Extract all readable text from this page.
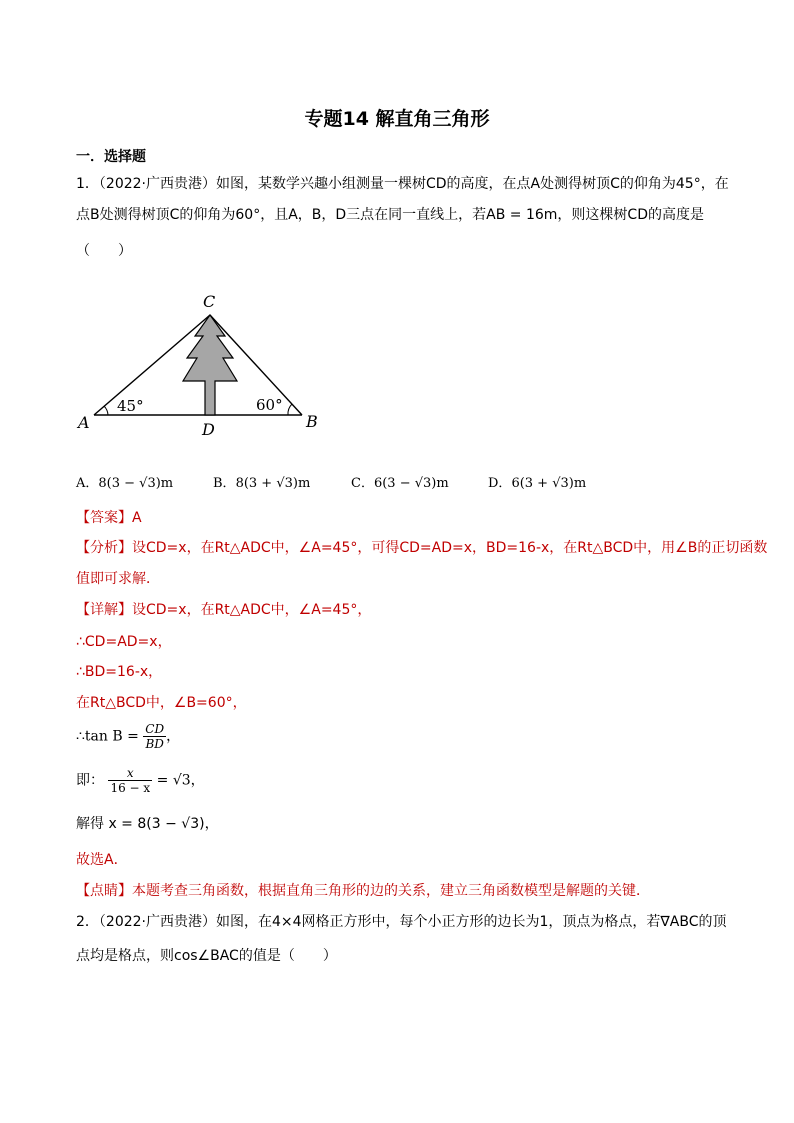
专题14 解直角三角形
一．选择题
1．（2022·广西贵港）如图，某数学兴趣小组测量一棵树CD的高度，在点A处测得树顶C的仰角为45°，在
点B处测得树顶C的仰角为60°，且A，B，D三点在同一直线上，若AB = 16m，则这棵树CD的高度是
（　　）
C
A	B
D
45°	60°
A．8(3 − √3)m	B．8(3 + √3)m	C．6(3 − √3)m	D．6(3 + √3)m
【答案】A
【分析】设CD=x，在Rt△ADC中，∠A=45°，可得CD=AD=x，BD=16-x，在Rt△BCD中，用∠B的正切函数
值即可求解．
【详解】设CD=x，在Rt△ADC中，∠A=45°，
∴CD=AD=x，
∴BD=16-x，
在Rt△BCD中，∠B=60°，
∴tan $B = \frac{CD}{BD}$ ，
即： $\frac{x}{16 - x} = √3$，
解得 x = 8(3 − √3)，
故选A．
【点睛】本题考查三角函数，根据直角三角形的边的关系，建立三角函数模型是解题的关键．
2．（2022·广西贵港）如图，在4×4网格正方形中，每个小正方形的边长为1，顶点为格点，若∇ABC的顶
点均是格点，则cos∠BAC的值是（　　）
